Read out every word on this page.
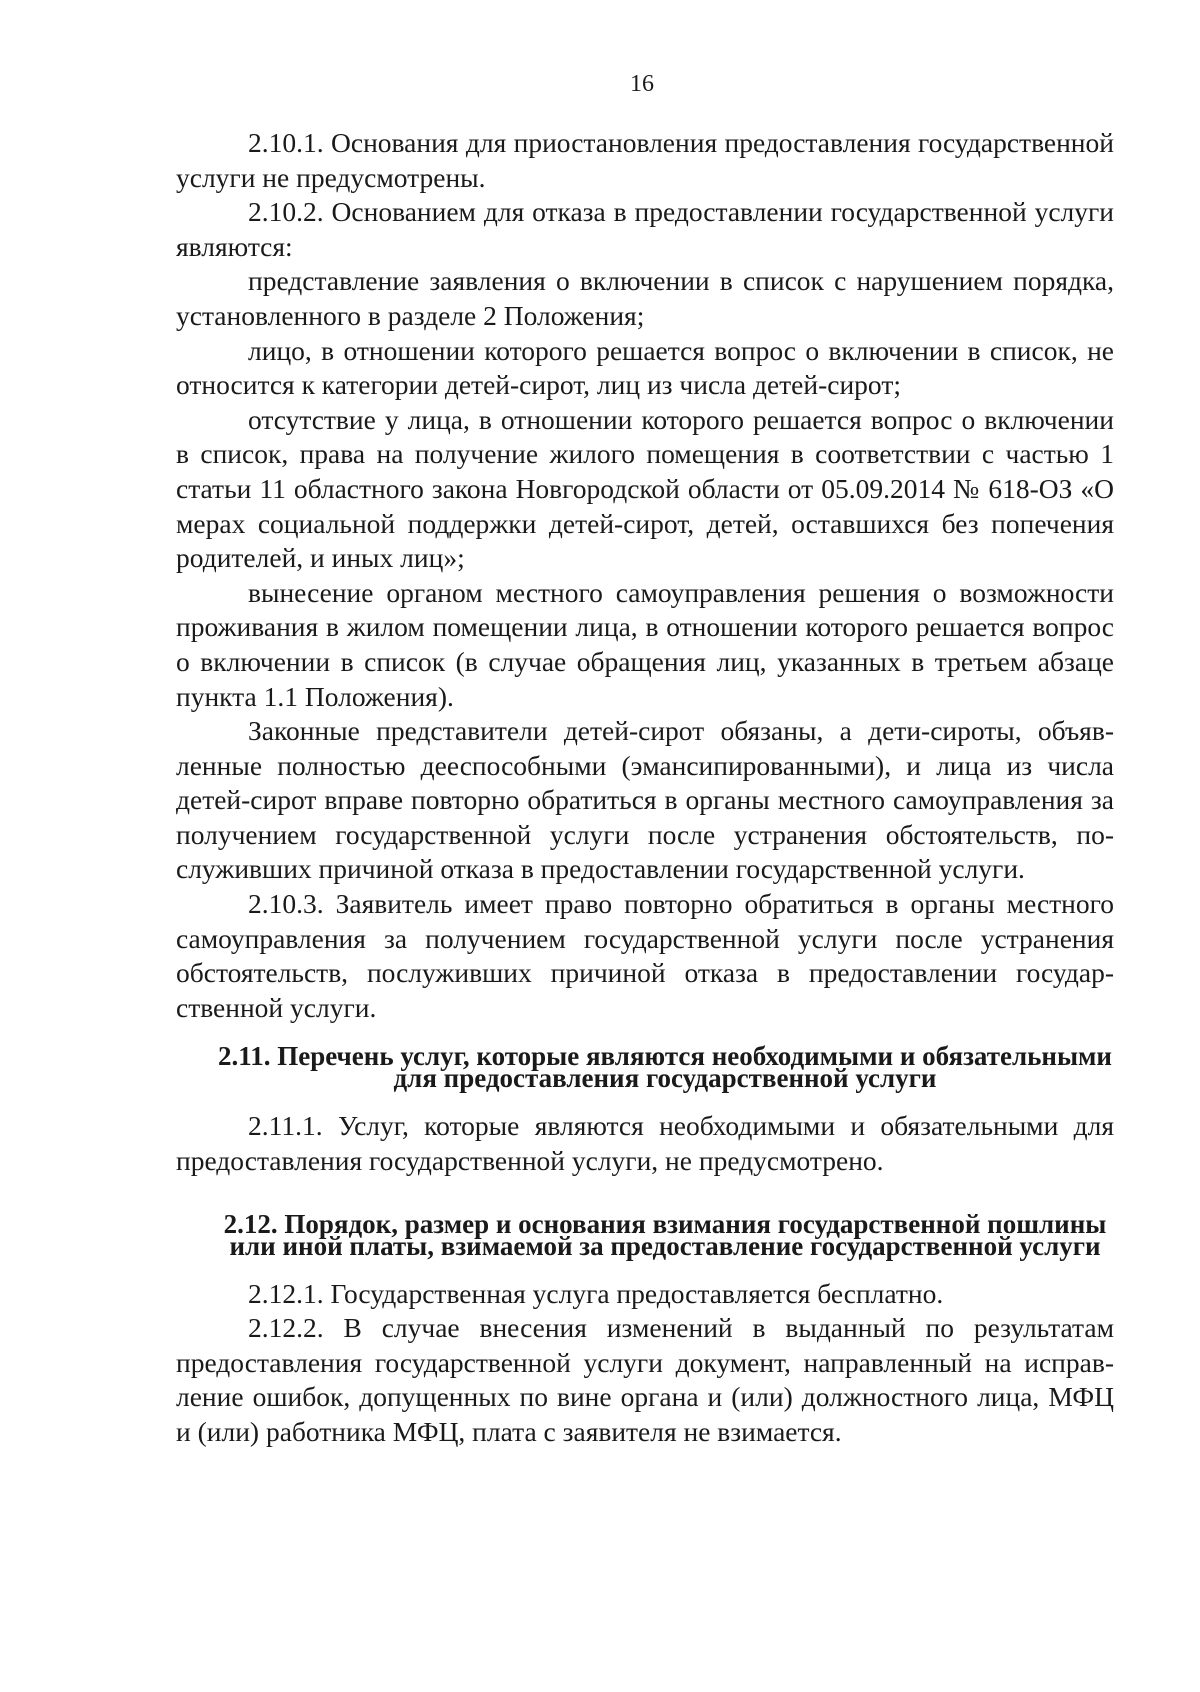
16

2.10.1. Основания для приостановления предоставления государственной услуги не предусмотрены.

2.10.2. Основанием для отказа в предоставлении государственной услуги являются:

представление заявления о включении в список с нарушением порядка, установленного в разделе 2 Положения;

лицо, в отношении которого решается вопрос о включении в список, не относится к категории детей-сирот, лиц из числа детей-сирот;

отсутствие у лица, в отношении которого решается вопрос о включении в список, права на получение жилого помещения в соответствии с частью 1 статьи 11 областного закона Новгородской области от 05.09.2014 № 618-ОЗ «О мерах социальной поддержки детей-сирот, детей, оставшихся без попечения родителей, и иных лиц»;

вынесение органом местного самоуправления решения о возможности проживания в жилом помещении лица, в отношении которого решается вопрос о включении в список (в случае обращения лиц, указанных в третьем абзаце пункта 1.1 Положения).

Законные представители детей-сирот обязаны, а дети-сироты, объявленные полностью дееспособными (эмансипированными), и лица из числа детей-сирот вправе повторно обратиться в органы местного самоуправления за получением государственной услуги после устранения обстоятельств, послуживших причиной отказа в предоставлении государственной услуги.

2.10.3. Заявитель имеет право повторно обратиться в органы местного самоуправления за получением государственной услуги после устранения обстоятельств, послуживших причиной отказа в предоставлении государственной услуги.

2.11. Перечень услуг, которые являются необходимыми и обязательными для предоставления государственной услуги

2.11.1. Услуг, которые являются необходимыми и обязательными для предоставления государственной услуги, не предусмотрено.

2.12. Порядок, размер и основания взимания государственной пошлины или иной платы, взимаемой за предоставление государственной услуги

2.12.1. Государственная услуга предоставляется бесплатно.

2.12.2. В случае внесения изменений в выданный по результатам предоставления государственной услуги документ, направленный на исправление ошибок, допущенных по вине органа и (или) должностного лица, МФЦ и (или) работника МФЦ, плата с заявителя не взимается.
